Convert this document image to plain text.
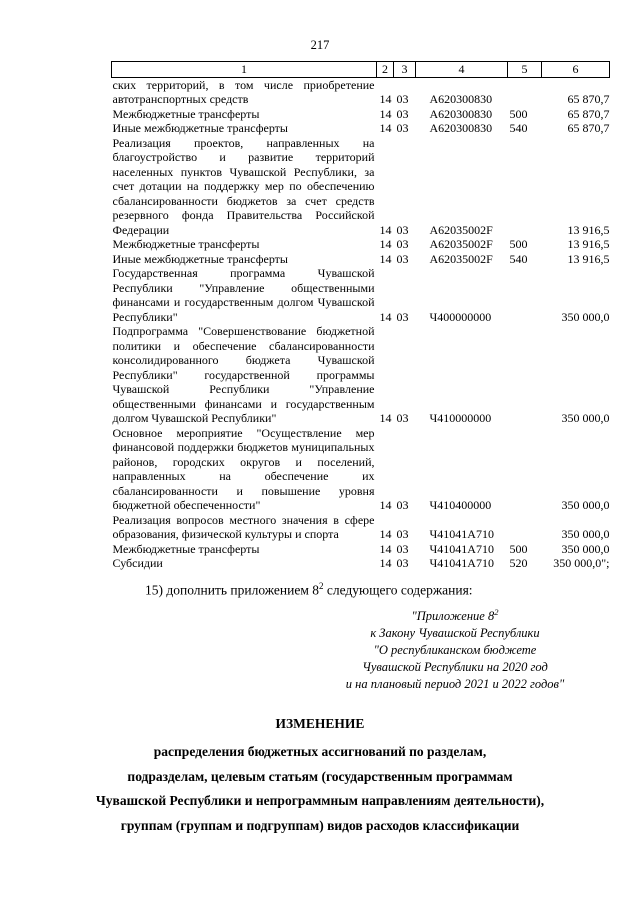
217
1	2	3	4	5	6
ских территорий, в том числе приобретение автотранспортных средств	14	03	А620300830		65 870,7
Межбюджетные трансферты	14	03	А620300830	500	65 870,7
Иные межбюджетные трансферты	14	03	А620300830	540	65 870,7
Реализация проектов, направленных на благоустройство и развитие территорий населенных пунктов Чувашской Республики, за счет дотации на поддержку мер по обеспечению сбалансированности бюджетов за счет средств резервного фонда Правительства Российской Федерации	14	03	А62035002F		13 916,5
Межбюджетные трансферты	14	03	А62035002F	500	13 916,5
Иные межбюджетные трансферты	14	03	А62035002F	540	13 916,5
Государственная программа Чувашской Республики "Управление общественными финансами и государственным долгом Чувашской Республики"	14	03	Ч400000000		350 000,0
Подпрограмма "Совершенствование бюджетной политики и обеспечение сбалансированности консолидированного бюджета Чувашской Республики" государственной программы Чувашской Республики "Управление общественными финансами и государственным долгом Чувашской Республики"	14	03	Ч410000000		350 000,0
Основное мероприятие "Осуществление мер финансовой поддержки бюджетов муниципальных районов, городских округов и поселений, направленных на обеспечение их сбалансированности и повышение уровня бюджетной обеспеченности"	14	03	Ч410400000		350 000,0
Реализация вопросов местного значения в сфере образования, физической культуры и спорта	14	03	Ч41041А710		350 000,0
Межбюджетные трансферты	14	03	Ч41041А710	500	350 000,0
Субсидии	14	03	Ч41041А710	520	350 000,0";
15) дополнить приложением $8^2$ следующего содержания:
"Приложение $8^2$
к Закону Чувашской Республики
"О республиканском бюджете
Чувашской Республики на 2020 год
и на плановый период 2021 и 2022 годов"
ИЗМЕНЕНИЕ
распределения бюджетных ассигнований по разделам,
подразделам, целевым статьям (государственным программам
Чувашской Республики и непрограммным направлениям деятельности),
группам (группам и подгруппам) видов расходов классификации
